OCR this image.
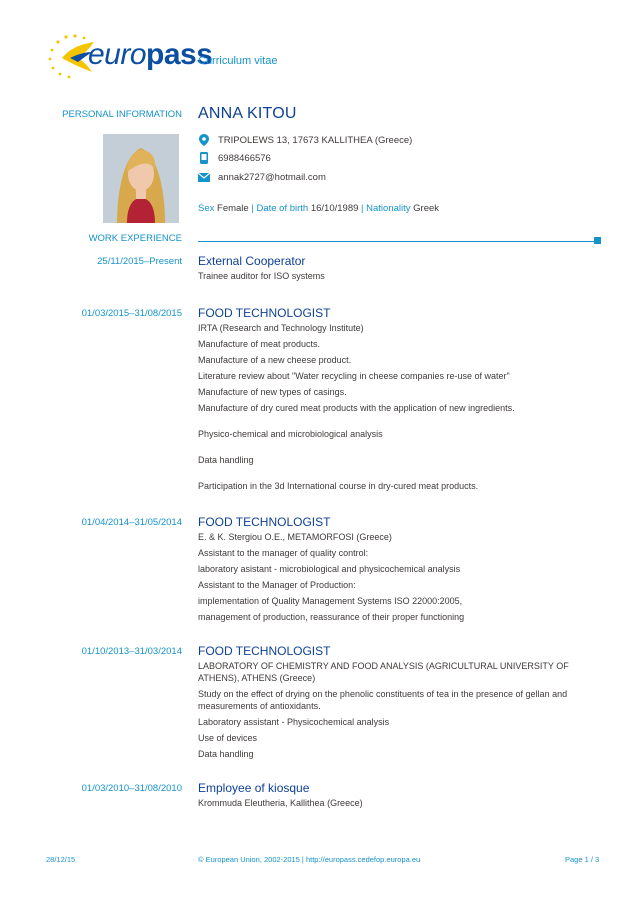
europass
Curriculum vitae
PERSONAL INFORMATION ANNA KITOU
TRIPOLEWS 13, 17673 KALLITHEA (Greece)
6988466576
annak2727@hotmail.com
Sex Female | Date of birth 16/10/1989 | Nationality Greek
WORK EXPERIENCE
25/11/2015–Present External Cooperator
Trainee auditor for ISO systems
01/03/2015–31/08/2015 FOOD TECHNOLOGIST
IRTA (Research and Technology Institute)
Manufacture of meat products.
Manufacture of a new cheese product.
Literature review about "Water recycling in cheese companies re-use of water"
Manufacture of new types of casings.
Manufacture of dry cured meat products with the application of new ingredients.
Physico-chemical and microbiological analysis
Data handling
Participation in the 3d International course in dry-cured meat products.
01/04/2014–31/05/2014 FOOD TECHNOLOGIST
E. & K. Stergiou O.E., METAMORFOSI (Greece)
Assistant to the manager of quality control:
laboratory asistant - microbiological and physicochemical analysis
Assistant to the Manager of Production:
implementation of Quality Management Systems ISO 22000:2005,
management of production, reassurance of their proper functioning
01/10/2013–31/03/2014 FOOD TECHNOLOGIST
LABORATORY OF CHEMISTRY AND FOOD ANALYSIS (AGRICULTURAL UNIVERSITY OF ATHENS), ATHENS (Greece)
Study on the effect of drying on the phenolic constituents of tea in the presence of gellan and measurements of antioxidants.
Laboratory assistant - Physicochemical analysis
Use of devices
Data handling
01/03/2010–31/08/2010 Employee of kiosque
Krommuda Eleutheria, Kallithea (Greece)
28/12/15	© European Union, 2002-2015 | http://europass.cedefop.europa.eu	Page 1 / 3
